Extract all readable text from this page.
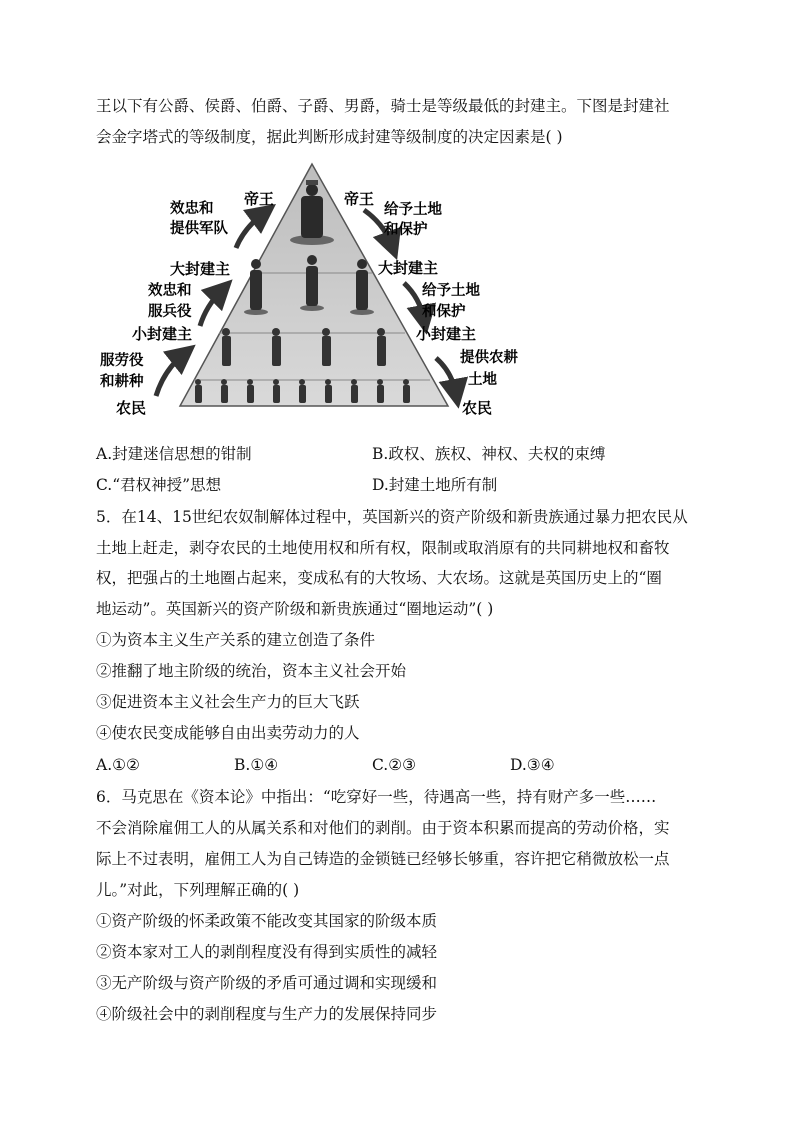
王以下有公爵、侯爵、伯爵、子爵、男爵，骑士是等级最低的封建主。下图是封建社
会金字塔式的等级制度，据此判断形成封建等级制度的决定因素是( )
帝王
效忠和
提供军队
大封建主
效忠和
服兵役
小封建主
服劳役
和耕种
农民
帝王
给予土地
和保护
大封建主
给予土地
和保护
小封建主
提供农耕
土地
农民
A.封建迷信思想的钳制	B.政权、族权、神权、夫权的束缚
C.“君权神授”思想	D.封建土地所有制
5．在14、15世纪农奴制解体过程中，英国新兴的资产阶级和新贵族通过暴力把农民从
土地上赶走，剥夺农民的土地使用权和所有权，限制或取消原有的共同耕地权和畜牧
权，把强占的土地圈占起来，变成私有的大牧场、大农场。这就是英国历史上的“圈
地运动”。英国新兴的资产阶级和新贵族通过“圈地运动”( )
①为资本主义生产关系的建立创造了条件
②推翻了地主阶级的统治，资本主义社会开始
③促进资本主义社会生产力的巨大飞跃
④使农民变成能够自由出卖劳动力的人
A.①②	B.①④	C.②③	D.③④
6．马克思在《资本论》中指出：“吃穿好一些，待遇高一些，持有财产多一些……
不会消除雇佣工人的从属关系和对他们的剥削。由于资本积累而提高的劳动价格，实
际上不过表明，雇佣工人为自己铸造的金锁链已经够长够重，容许把它稍微放松一点
儿。”对此，下列理解正确的( )
①资产阶级的怀柔政策不能改变其国家的阶级本质
②资本家对工人的剥削程度没有得到实质性的减轻
③无产阶级与资产阶级的矛盾可通过调和实现缓和
④阶级社会中的剥削程度与生产力的发展保持同步
